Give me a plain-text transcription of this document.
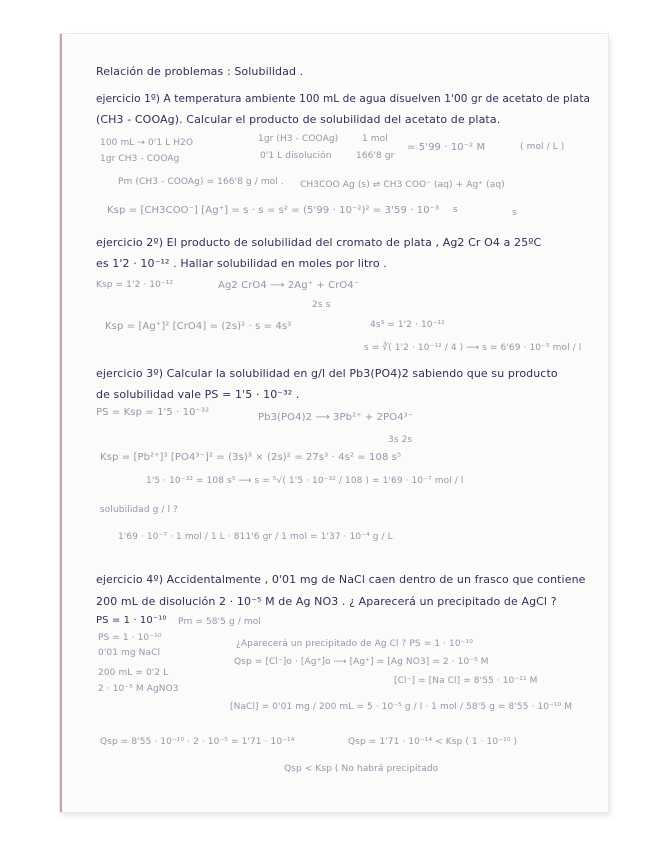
Relación de problemas : Solubilidad .
ejercicio 1º) A temperatura ambiente 100 mL de agua disuelven 1'00 gr de acetato de plata
(CH3 - COOAg). Calcular el producto de solubilidad del acetato de plata.
100 mL → 0'1 L H2O
1gr CH3 - COOAg
1gr (H3 - COOAg)
0'1 L disolución
1 mol
166'8 gr
= 5'99 · 10⁻² M	( mol / L )
Pm (CH3 - COOAg) = 166'8 g / mol . CH3COO Ag (s) ⇌ CH3 COO⁻ (aq) + Ag⁺ (aq)
Ksp = [CH3COO⁻] [Ag⁺] = s · s = s² = (5'99 · 10⁻²)² = 3'59 · 10⁻³ s	s
ejercicio 2º) El producto de solubilidad del cromato de plata , Ag2 Cr O4 a 25ºC
es 1'2 · 10⁻¹² . Hallar solubilidad en moles por litro .
Ksp = 1'2 · 10⁻¹²	Ag2 CrO4 ⟶ 2Ag⁺ + CrO4⁻
2s s
Ksp = [Ag⁺]² [CrO4] = (2s)² · s = 4s³	4s³ = 1'2 · 10⁻¹²
s = ∛( 1'2 · 10⁻¹² / 4 ) ⟶ s = 6'69 · 10⁻⁵ mol / l
ejercicio 3º) Calcular la solubilidad en g/l del Pb3(PO4)2 sabiendo que su producto
de solubilidad vale PS = 1'5 · 10⁻³² .
PS = Ksp = 1'5 · 10⁻³²	Pb3(PO4)2 ⟶ 3Pb²⁺ + 2PO4³⁻
3s 2s
Ksp = [Pb²⁺]³ [PO4³⁻]² = (3s)³ × (2s)² = 27s³ · 4s² = 108 s⁵
1'5 · 10⁻³² = 108 s⁵ ⟶ s = ⁵√( 1'5 · 10⁻³² / 108 ) = 1'69 · 10⁻⁷ mol / l
solubilidad g / l ?
1'69 · 10⁻⁷ · 1 mol / 1 L · 811'6 gr / 1 mol = 1'37 · 10⁻⁴ g / L
ejercicio 4º) Accidentalmente , 0'01 mg de NaCl caen dentro de un frasco que contiene
200 mL de disolución 2 · 10⁻⁵ M de Ag NO3 . ¿ Aparecerá un precipitado de AgCl ?
PS = 1 · 10⁻¹⁰ Pm = 58'5 g / mol
PS = 1 · 10⁻¹⁰
0'01 mg NaCl
200 mL = 0'2 L
2 · 10⁻⁵ M AgNO3
¿Aparecerá un precipitado de Ag Cl ? PS = 1 · 10⁻¹⁰
Qsp = [Cl⁻]o · [Ag⁺]o ⟶ [Ag⁺] = [Ag NO3] = 2 · 10⁻⁵ M
[Cl⁻] = [Na Cl] = 8'55 · 10⁻¹¹ M
[NaCl] = 0'01 mg / 200 mL = 5 · 10⁻⁵ g / l · 1 mol / 58'5 g = 8'55 · 10⁻¹⁰ M
Qsp = 8'55 · 10⁻¹⁰ · 2 · 10⁻⁵ = 1'71 · 10⁻¹⁴	Qsp = 1'71 · 10⁻¹⁴ < Ksp ( 1 · 10⁻¹⁰ )
Qsp < Ksp ( No habrá precipitado
